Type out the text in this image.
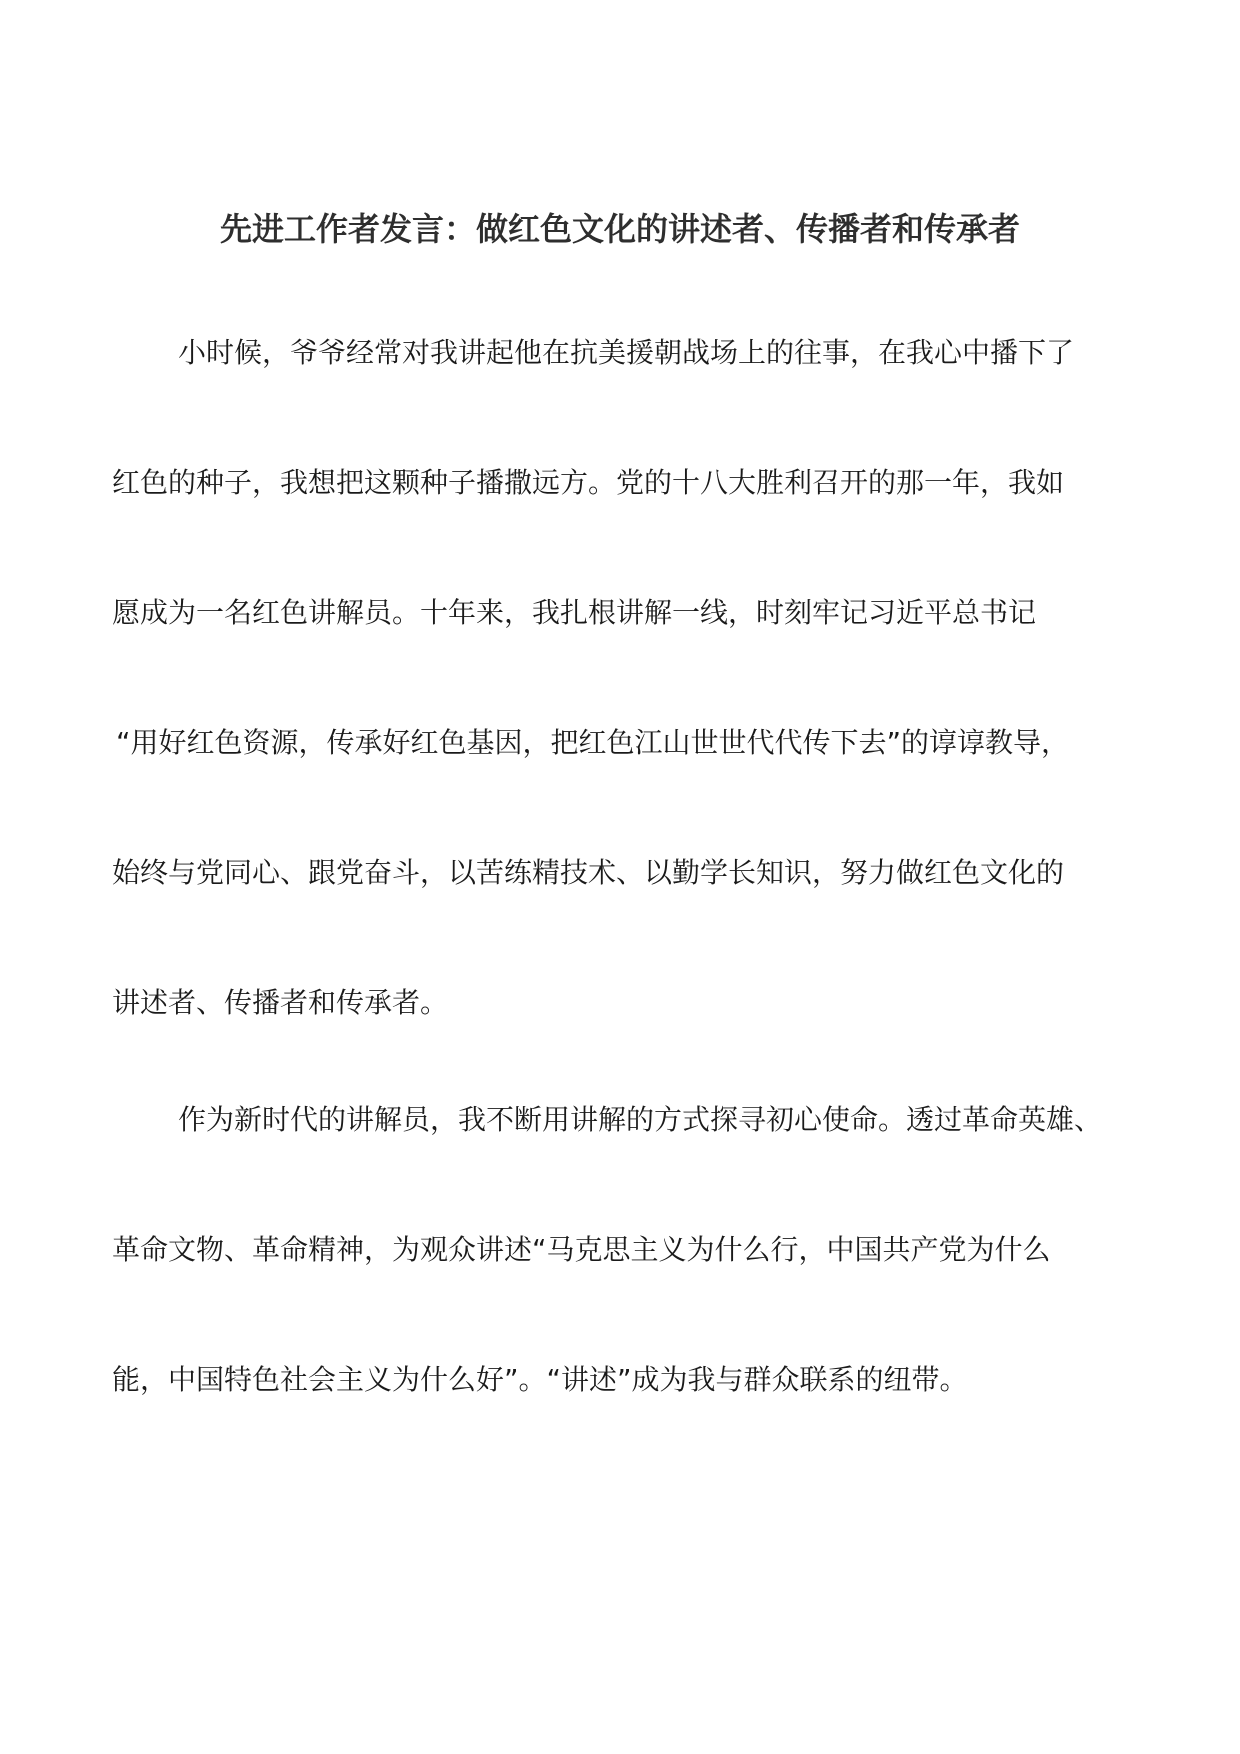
先进工作者发言：做红色文化的讲述者、传播者和传承者
小时候，爷爷经常对我讲起他在抗美援朝战场上的往事，在我心中播下了
红色的种子，我想把这颗种子播撒远方。党的十八大胜利召开的那一年，我如
愿成为一名红色讲解员。十年来，我扎根讲解一线，时刻牢记习近平总书记
“用好红色资源，传承好红色基因，把红色江山世世代代传下去”的谆谆教导，
始终与党同心、跟党奋斗，以苦练精技术、以勤学长知识，努力做红色文化的
讲述者、传播者和传承者。
作为新时代的讲解员，我不断用讲解的方式探寻初心使命。透过革命英雄、
革命文物、革命精神，为观众讲述“马克思主义为什么行，中国共产党为什么
能，中国特色社会主义为什么好”。“讲述”成为我与群众联系的纽带。
